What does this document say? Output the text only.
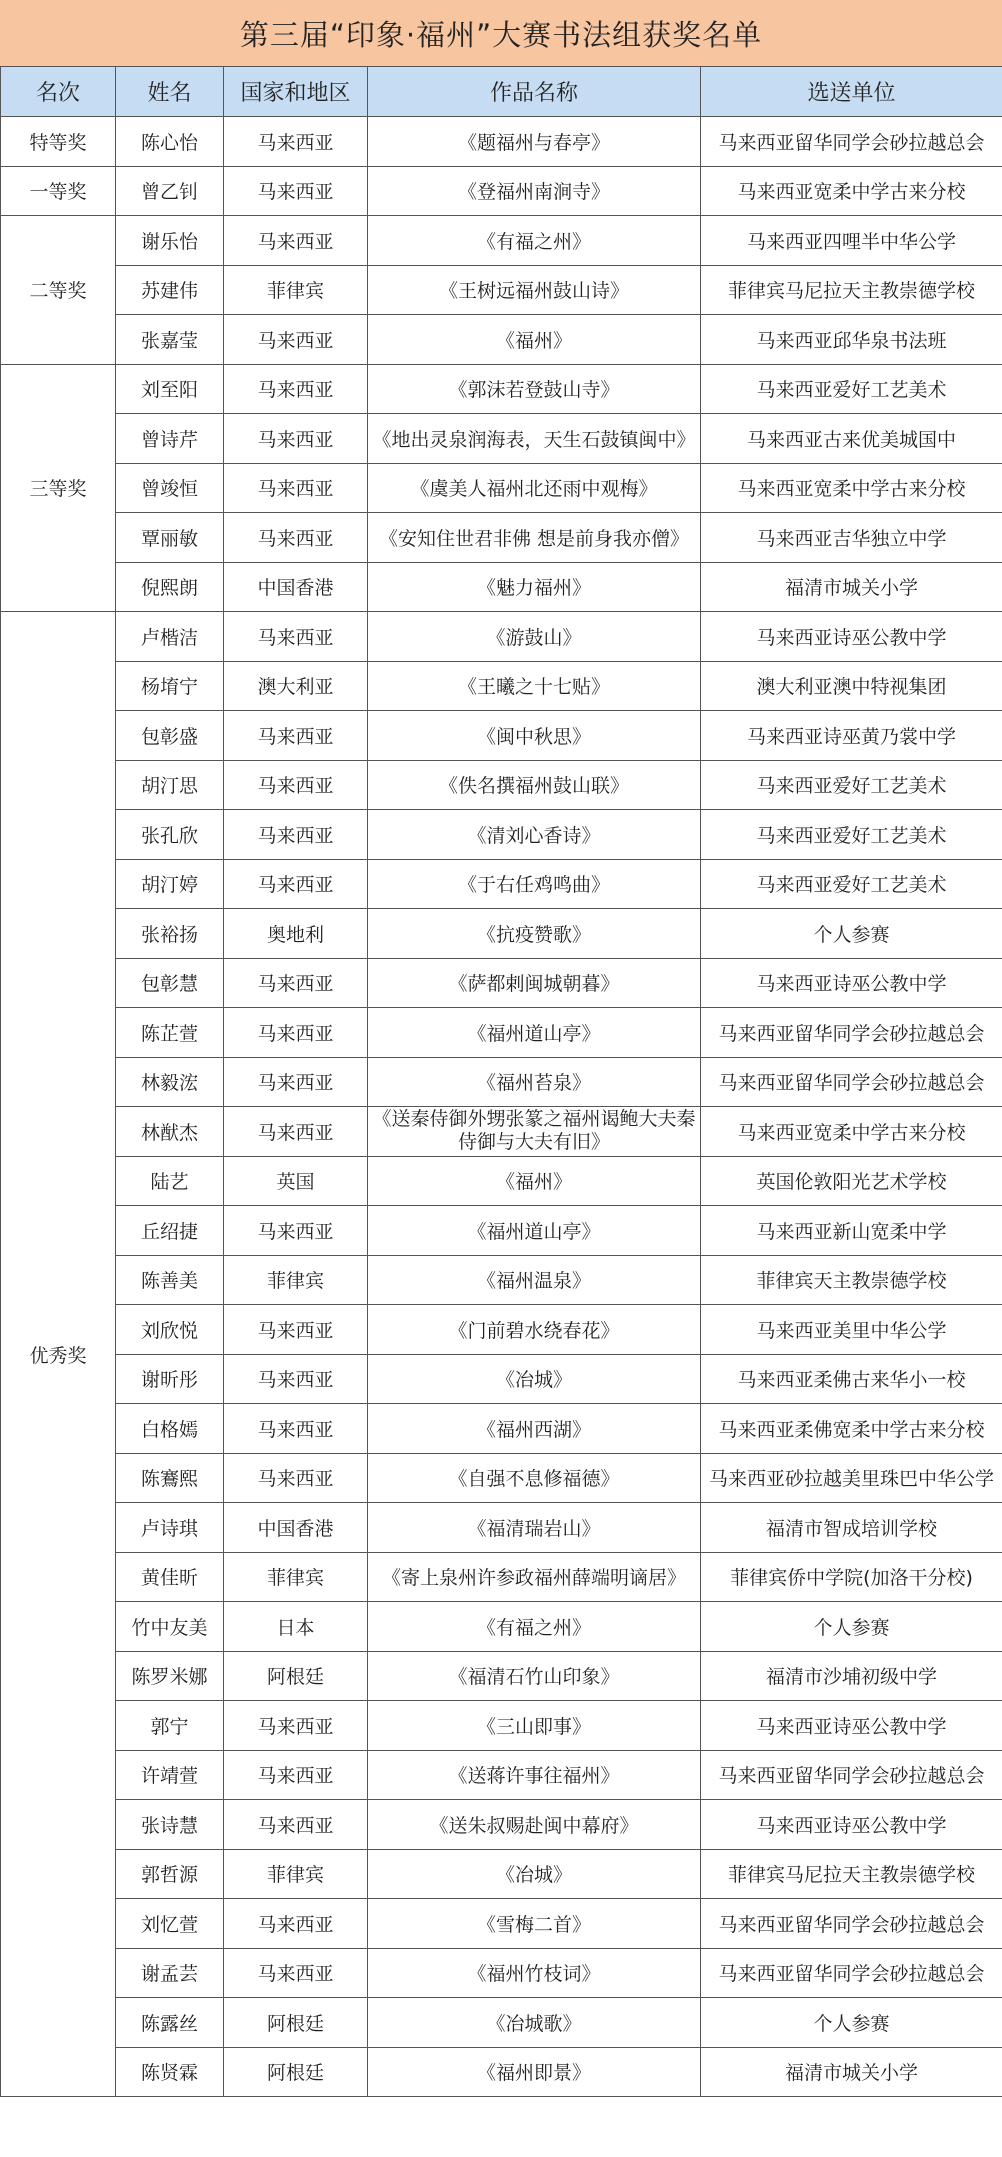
第三届“印象·福州”大赛书法组获奖名单
名次	姓名	国家和地区	作品名称	选送单位
特等奖	陈心怡	马来西亚	《题福州与春亭》	马来西亚留华同学会砂拉越总会
一等奖	曾乙钊	马来西亚	《登福州南涧寺》	马来西亚宽柔中学古来分校
二等奖	谢乐怡	马来西亚	《有福之州》	马来西亚四哩半中华公学
	苏建伟	菲律宾	《王树远福州鼓山诗》	菲律宾马尼拉天主教崇德学校
	张嘉莹	马来西亚	《福州》	马来西亚邱华泉书法班
三等奖	刘至阳	马来西亚	《郭沫若登鼓山寺》	马来西亚爱好工艺美术
	曾诗芹	马来西亚	《地出灵泉润海表，天生石鼓镇闽中》	马来西亚古来优美城国中
	曾竣恒	马来西亚	《虞美人福州北还雨中观梅》	马来西亚宽柔中学古来分校
	覃丽敏	马来西亚	《安知住世君非佛 想是前身我亦僧》	马来西亚吉华独立中学
	倪熙朗	中国香港	《魅力福州》	福清市城关小学
优秀奖	卢楷洁	马来西亚	《游鼓山》	马来西亚诗巫公教中学
	杨堉宁	澳大利亚	《王曦之十七贴》	澳大利亚澳中特视集团
	包彰盛	马来西亚	《闽中秋思》	马来西亚诗巫黄乃裳中学
	胡汀思	马来西亚	《佚名撰福州鼓山联》	马来西亚爱好工艺美术
	张孔欣	马来西亚	《清刘心香诗》	马来西亚爱好工艺美术
	胡汀婷	马来西亚	《于右任鸡鸣曲》	马来西亚爱好工艺美术
	张裕扬	奥地利	《抗疫赞歌》	个人参赛
	包彰慧	马来西亚	《萨都剌闽城朝暮》	马来西亚诗巫公教中学
	陈芷萱	马来西亚	《福州道山亭》	马来西亚留华同学会砂拉越总会
	林毅浤	马来西亚	《福州苔泉》	马来西亚留华同学会砂拉越总会
	林猷杰	马来西亚	《送秦侍御外甥张篆之福州谒鲍大夫秦侍御与大夫有旧》	马来西亚宽柔中学古来分校
	陆艺	英国	《福州》	英国伦敦阳光艺术学校
	丘绍捷	马来西亚	《福州道山亭》	马来西亚新山宽柔中学
	陈善美	菲律宾	《福州温泉》	菲律宾天主教崇德学校
	刘欣悦	马来西亚	《门前碧水绕春花》	马来西亚美里中华公学
	谢昕彤	马来西亚	《冶城》	马来西亚柔佛古来华小一校
	白格嫣	马来西亚	《福州西湖》	马来西亚柔佛宽柔中学古来分校
	陈鶱熙	马来西亚	《自强不息修福德》	马来西亚砂拉越美里珠巴中华公学
	卢诗琪	中国香港	《福清瑞岩山》	福清市智成培训学校
	黄佳昕	菲律宾	《寄上泉州许参政福州薛端明谪居》	菲律宾侨中学院(加洛干分校)
	竹中友美	日本	《有福之州》	个人参赛
	陈罗米娜	阿根廷	《福清石竹山印象》	福清市沙埔初级中学
	郭宁	马来西亚	《三山即事》	马来西亚诗巫公教中学
	许靖萱	马来西亚	《送蒋许事往福州》	马来西亚留华同学会砂拉越总会
	张诗慧	马来西亚	《送朱叔赐赴闽中幕府》	马来西亚诗巫公教中学
	郭哲源	菲律宾	《冶城》	菲律宾马尼拉天主教崇德学校
	刘忆萱	马来西亚	《雪梅二首》	马来西亚留华同学会砂拉越总会
	谢孟芸	马来西亚	《福州竹枝词》	马来西亚留华同学会砂拉越总会
	陈露丝	阿根廷	《冶城歌》	个人参赛
	陈贤霖	阿根廷	《福州即景》	福清市城关小学
